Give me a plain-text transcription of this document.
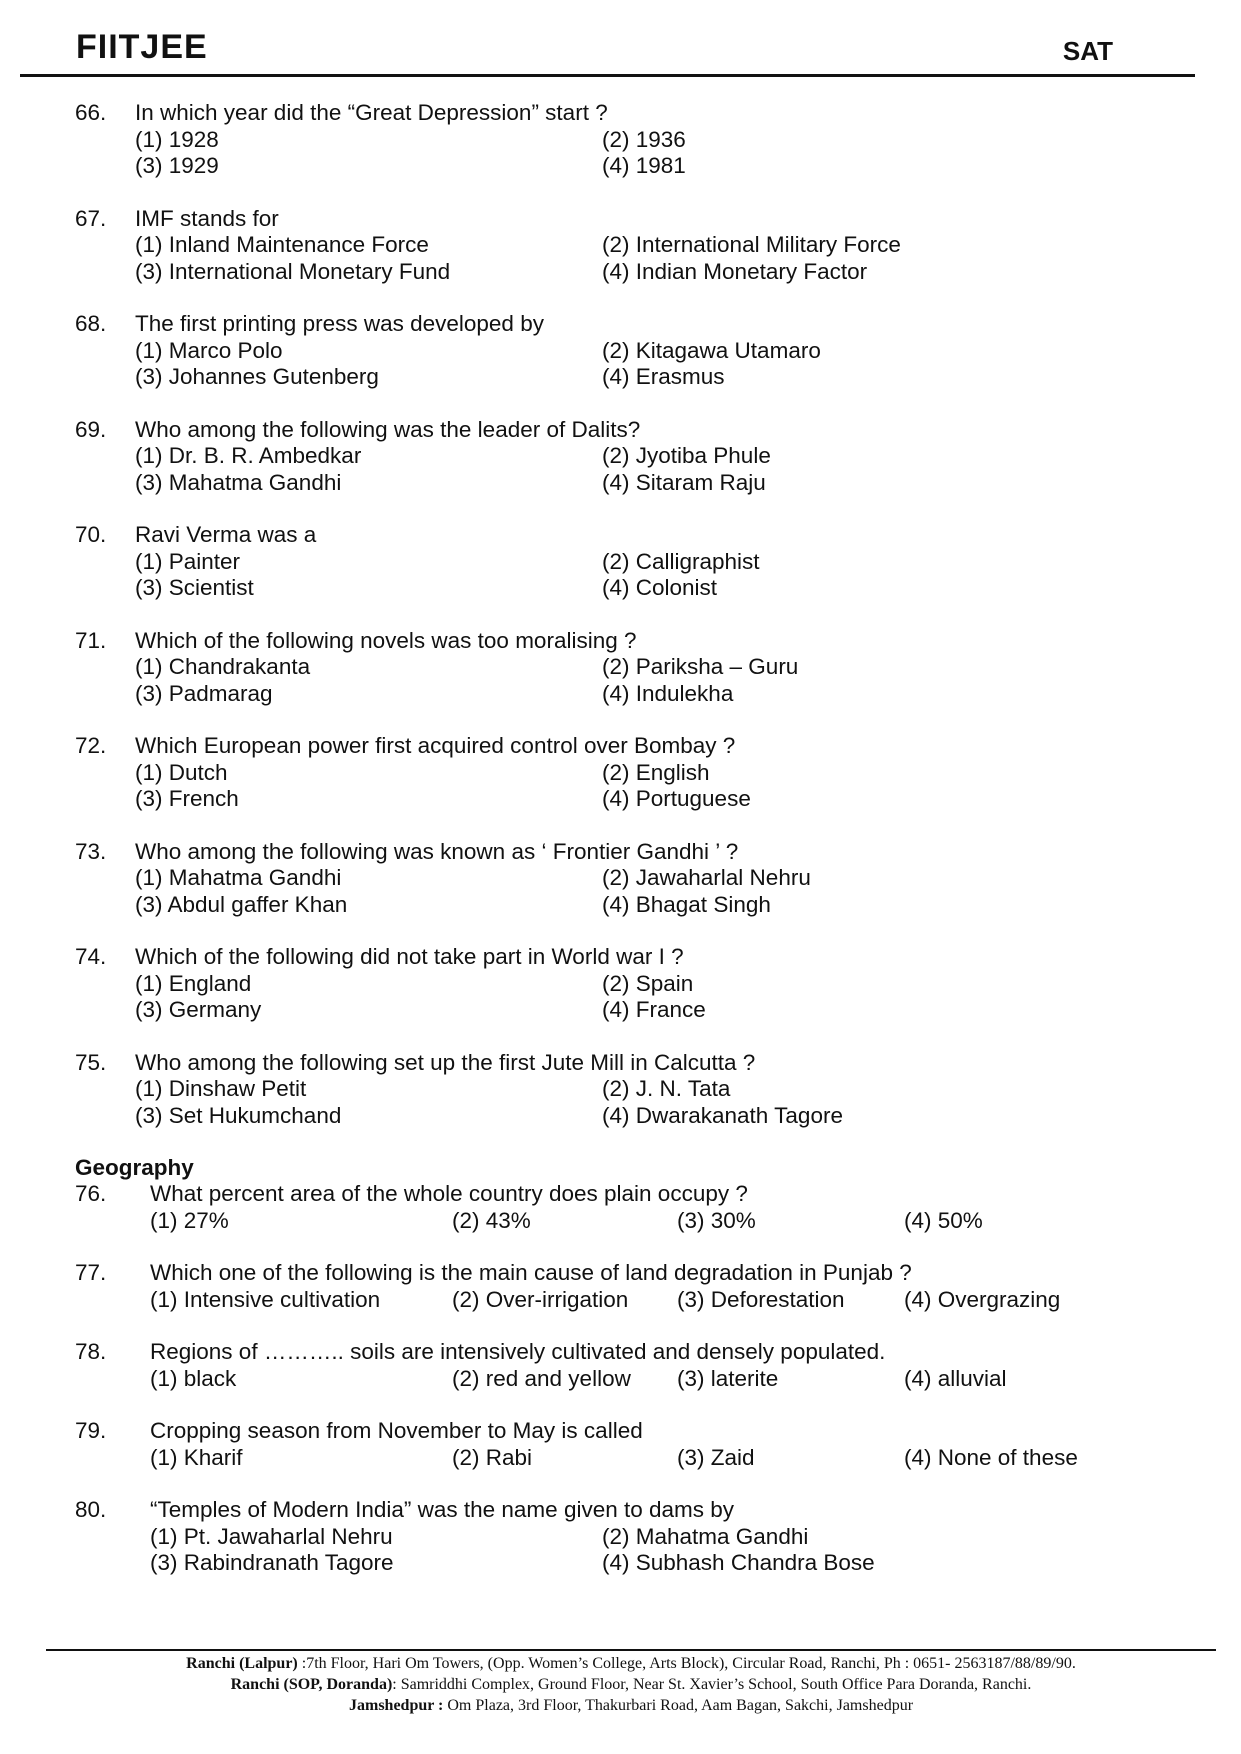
FIITJEE	SAT
66.	In which year did the “Great Depression” start ?
(1) 1928	(2) 1936
(3) 1929	(4) 1981
67.	IMF stands for
(1) Inland Maintenance Force	(2) International Military Force
(3) International Monetary Fund	(4) Indian Monetary Factor
68.	The first printing press was developed by
(1) Marco Polo	(2) Kitagawa Utamaro
(3) Johannes Gutenberg	(4) Erasmus
69.	Who among the following was the leader of Dalits?
(1) Dr. B. R. Ambedkar	(2) Jyotiba Phule
(3) Mahatma Gandhi	(4) Sitaram Raju
70.	Ravi Verma was a
(1) Painter	(2) Calligraphist
(3) Scientist	(4) Colonist
71.	Which of the following novels was too moralising ?
(1) Chandrakanta	(2) Pariksha – Guru
(3) Padmarag	(4) Indulekha
72.	Which European power first acquired control over Bombay ?
(1) Dutch	(2) English
(3) French	(4) Portuguese
73.	Who among the following was known as ‘ Frontier Gandhi ’ ?
(1) Mahatma Gandhi	(2) Jawaharlal Nehru
(3) Abdul gaffer Khan	(4) Bhagat Singh
74.	Which of the following did not take part in World war I ?
(1) England	(2) Spain
(3) Germany	(4) France
75.	Who among the following set up the first Jute Mill in Calcutta ?
(1) Dinshaw Petit	(2) J. N. Tata
(3) Set Hukumchand	(4) Dwarakanath Tagore
Geography
76.	What percent area of the whole country does plain occupy ?
(1) 27%	(2) 43%	(3) 30%	(4) 50%
77.	Which one of the following is the main cause of land degradation in Punjab ?
(1) Intensive cultivation	(2) Over-irrigation	(3) Deforestation	(4) Overgrazing
78.	Regions of ……….. soils are intensively cultivated and densely populated.
(1) black	(2) red and yellow	(3) laterite	(4) alluvial
79.	Cropping season from November to May is called
(1) Kharif	(2) Rabi	(3) Zaid	(4) None of these
80.	“Temples of Modern India” was the name given to dams by
(1) Pt. Jawaharlal Nehru	(2) Mahatma Gandhi
(3) Rabindranath Tagore	(4) Subhash Chandra Bose
Ranchi (Lalpur) :7th Floor, Hari Om Towers, (Opp. Women’s College, Arts Block), Circular Road, Ranchi, Ph : 0651- 2563187/88/89/90.
Ranchi (SOP, Doranda): Samriddhi Complex, Ground Floor, Near St. Xavier’s School, South Office Para Doranda, Ranchi.
Jamshedpur : Om Plaza, 3rd Floor, Thakurbari Road, Aam Bagan, Sakchi, Jamshedpur
